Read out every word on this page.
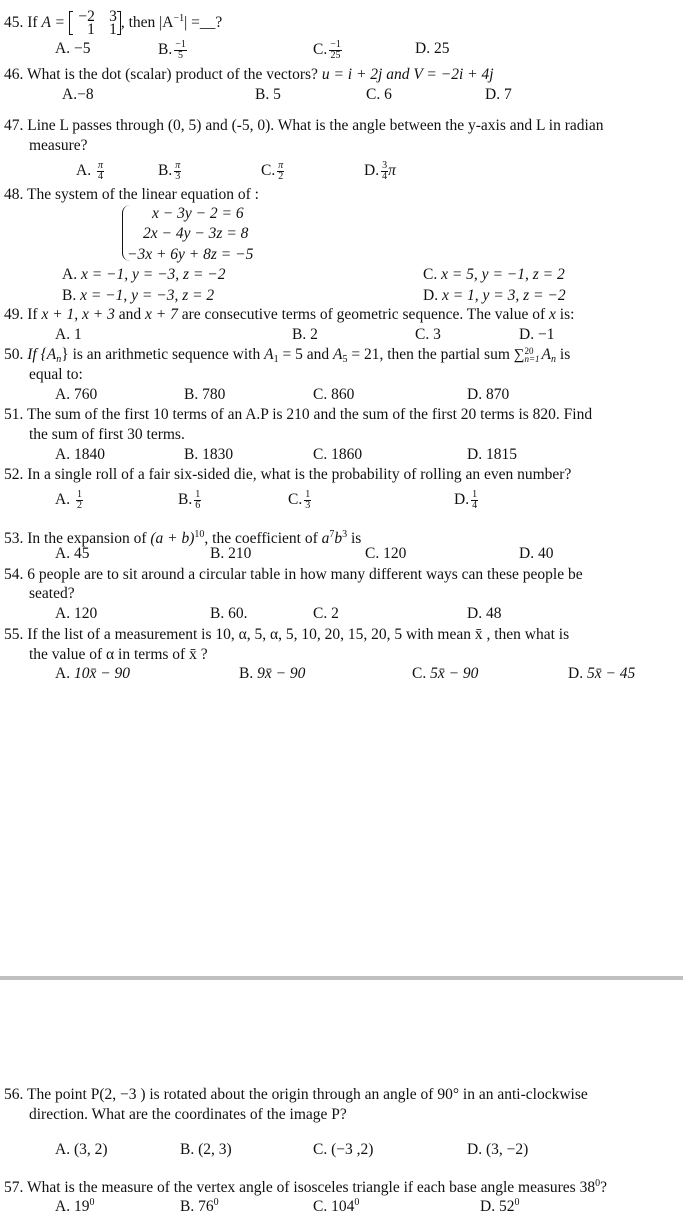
45. If A = −2 3
1 1 , then $|A^{-1}|$ =__?
A. −5	B. $\frac{-1}{5}$	C. $\frac{-1}{25}$	D. 25
46. What is the dot (scalar) product of the vectors? u = i + 2j and V = −2i + 4j
A.−8	B. 5	C. 6	D. 7
47. Line L passes through (0, 5) and (-5, 0). What is the angle between the y-axis and L in radian
measure?
A. $\frac{\pi}{4}$	B. $\frac{\pi}{3}$	C. $\frac{\pi}{2}$	D. $\frac{3}{4}$ π
48. The system of the linear equation of :
x − 3y − 2 = 6
2x − 4y − 3z = 8
−3x + 6y + 8z = −5
A. x = −1, y = −3, z = −2
B. x = −1, y = −3, z = 2
C. x = 5, y = −1, z = 2
D. x = 1, y = 3, z = −2
49. If x + 1, x + 3 and x + 7 are consecutive terms of geometric sequence. The value of x is:
A. 1	B. 2	C. 3	D. −1
50. If $\{A_n\}$ is an arithmetic sequence with $A_1 = 5$ and $A_5 = 21$, then the partial sum ∑ 20
n=1 $A_n$ is
equal to:
A. 760	B. 780	C. 860	D. 870
51. The sum of the first 10 terms of an A.P is 210 and the sum of the first 20 terms is 820. Find
the sum of first 30 terms.
A. 1840	B. 1830	C. 1860	D. 1815
52. In a single roll of a fair six-sided die, what is the probability of rolling an even number?
A. $\frac{1}{2}$	B. $\frac{1}{6}$	C. $\frac{1}{3}$	D. $\frac{1}{4}$
53. In the expansion of $(a + b)^{10}$, the coefficient of $a^7b^3$ is
A. 45	B. 210	C. 120	D. 40
54. 6 people are to sit around a circular table in how many different ways can these people be
seated?
A. 120	B. 60.	C. 2	D. 48
55. If the list of a measurement is 10, α, 5, α, 5, 10, 20, 15, 20, 5 with mean x̄ , then what is
the value of α in terms of x̄ ?
A. 10x̄ − 90	B. 9x̄ − 90	C. 5x̄ − 90	D. 5x̄ − 45
56. The point P(2, −3 ) is rotated about the origin through an angle of 90° in an anti-clockwise
direction. What are the coordinates of the image P?
A. (3, 2)	B. (2, 3)	C. (−3 ,2)	D. (3, −2)
57. What is the measure of the vertex angle of isosceles triangle if each base angle measures $38^0$?
A. $19^0$	B. $76^0$	C. $104^0$	D. $52^0$
